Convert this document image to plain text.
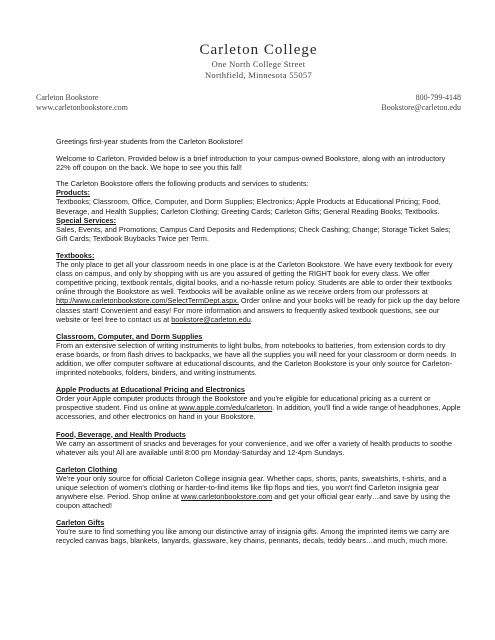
Carleton College
One North College Street
Northfield, Minnesota 55057
Carleton Bookstore
www.carletonbookstore.com
800-799-4148
Bookstore@carleton.edu

Greetings first-year students from the Carleton Bookstore!

Welcome to Carleton. Provided below is a brief introduction to your campus-owned Bookstore, along with an introductory 22% off coupon on the back. We hope to see you this fall!

The Carleton Bookstore offers the following products and services to students:
Products:
Textbooks; Classroom, Office, Computer, and Dorm Supplies; Electronics; Apple Products at Educational Pricing; Food, Beverage, and Health Supplies; Carleton Clothing; Greeting Cards; Carleton Gifts; General Reading Books; Textbooks.
Special Services:
Sales, Events, and Promotions; Campus Card Deposits and Redemptions; Check Cashing; Change; Storage Ticket Sales; Gift Cards; Textbook Buybacks Twice per Term.
Textbooks:
The only place to get all your classroom needs in one place is at the Carleton Bookstore. We have every textbook for every class on campus, and only by shopping with us are you assured of getting the RIGHT book for every class. We offer competitive pricing, textbook rentals, digital books, and a no-hassle return policy. Students are able to order their textbooks online through the Bookstore as well. Textbooks will be available online as we receive orders from our professors at http://www.carletonbookstore.com/SelectTermDept.aspx. Order online and your books will be ready for pick up the day before classes start! Convenient and easy! For more information and answers to frequently asked textbook questions, see our website or feel free to contact us at bookstore@carleton.edu.
Classroom, Computer, and Dorm Supplies
From an extensive selection of writing instruments to light bulbs, from notebooks to batteries, from extension cords to dry erase boards, or from flash drives to backpacks, we have all the supplies you will need for your classroom or dorm needs. In addition, we offer computer software at educational discounts, and the Carleton Bookstore is your only source for Carleton-imprinted notebooks, folders, binders, and writing instruments.
Apple Products at Educational Pricing and Electronics
Order your Apple computer products through the Bookstore and you're eligible for educational pricing as a current or prospective student. Find us online at www.apple.com/edu/carleton. In addition, you'll find a wide range of headphones, Apple accessories, and other electronics on hand in your Bookstore.
Food, Beverage, and Health Products
We carry an assortment of snacks and beverages for your convenience, and we offer a variety of health products to soothe whatever ails you! All are available until 8:00 pm Monday-Saturday and 12-4pm Sundays.
Carleton Clothing
We're your only source for official Carleton College insignia gear. Whether caps, shorts, pants, sweatshirts, t-shirts, and a unique selection of women's clothing or harder-to-find items like flip flops and ties, you won't find Carleton insignia gear anywhere else. Period. Shop online at www.carletonbookstore.com and get your official gear early…and save by using the coupon attached!
Carleton Gifts
You're sure to find something you like among our distinctive array of insignia gifts. Among the imprinted items we carry are recycled canvas bags, blankets, lanyards, glassware, key chains, pennants, decals, teddy bears…and much, much more.
